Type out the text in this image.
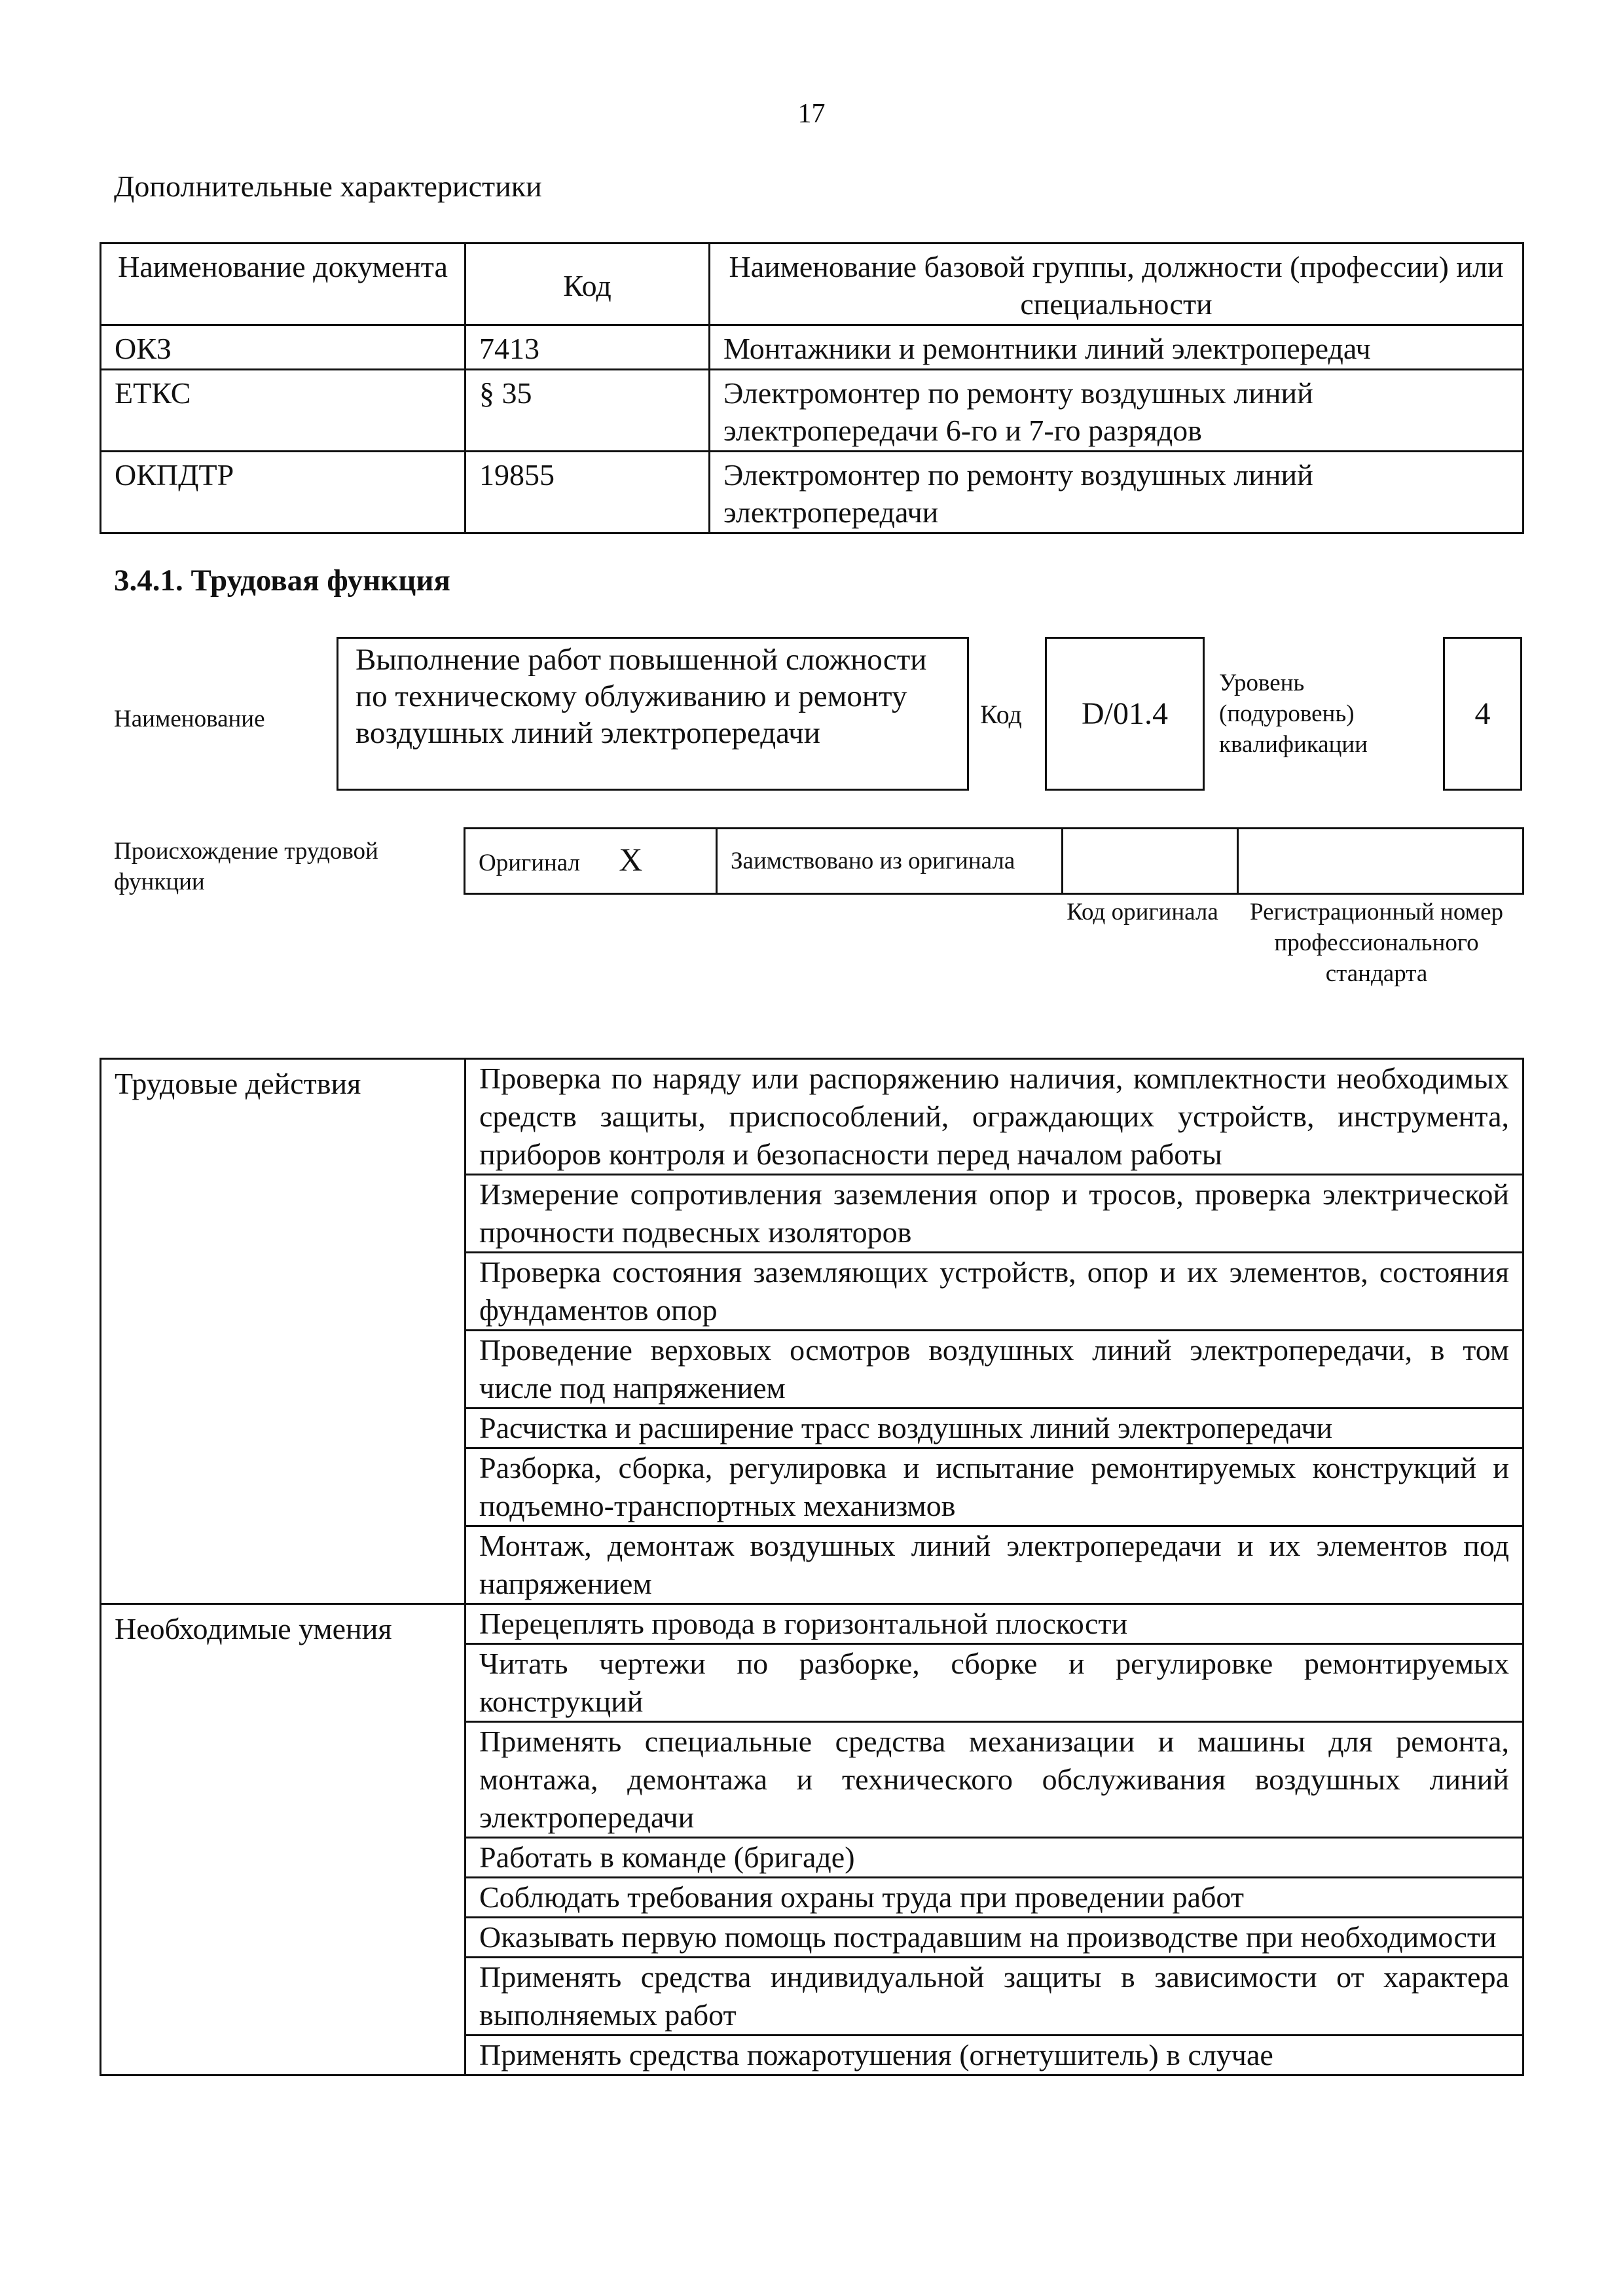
17
Дополнительные характеристики
Наименование документа	Код	Наименование базовой группы, должности (профессии) или специальности
ОКЗ	7413	Монтажники и ремонтники линий электропередач
ЕТКС	§ 35	Электромонтер по ремонту воздушных линий электропередачи 6-го и 7-го разрядов
ОКПДТР	19855	Электромонтер по ремонту воздушных линий электропередачи
3.4.1. Трудовая функция
Наименование
Выполнение работ повышенной сложности по техническому облуживанию и ремонту воздушных линий электропередачи
Код	D/01.4
Уровень (подуровень) квалификации
4
Происхождение трудовой функции
Оригинал X	Заимствовано из оригинала		
Код оригинала	Регистрационный номер профессионального стандарта
Трудовые действия	Проверка по наряду или распоряжению наличия, комплектности необходимых средств защиты, приспособлений, ограждающих устройств, инструмента, приборов контроля и безопасности перед началом работы
	Измерение сопротивления заземления опор и тросов, проверка электрической прочности подвесных изоляторов
	Проверка состояния заземляющих устройств, опор и их элементов, состояния фундаментов опор
	Проведение верховых осмотров воздушных линий электропередачи, в том числе под напряжением
	Расчистка и расширение трасс воздушных линий электропередачи
	Разборка, сборка, регулировка и испытание ремонтируемых конструкций и подъемно-транспортных механизмов
	Монтаж, демонтаж воздушных линий электропередачи и их элементов под напряжением
Необходимые умения	Перецеплять провода в горизонтальной плоскости
	Читать чертежи по разборке, сборке и регулировке ремонтируемых конструкций
	Применять специальные средства механизации и машины для ремонта, монтажа, демонтажа и технического обслуживания воздушных линий электропередачи
	Работать в команде (бригаде)
	Соблюдать требования охраны труда при проведении работ
	Оказывать первую помощь пострадавшим на производстве при необходимости
	Применять средства индивидуальной защиты в зависимости от характера выполняемых работ
	Применять средства пожаротушения (огнетушитель) в случае
